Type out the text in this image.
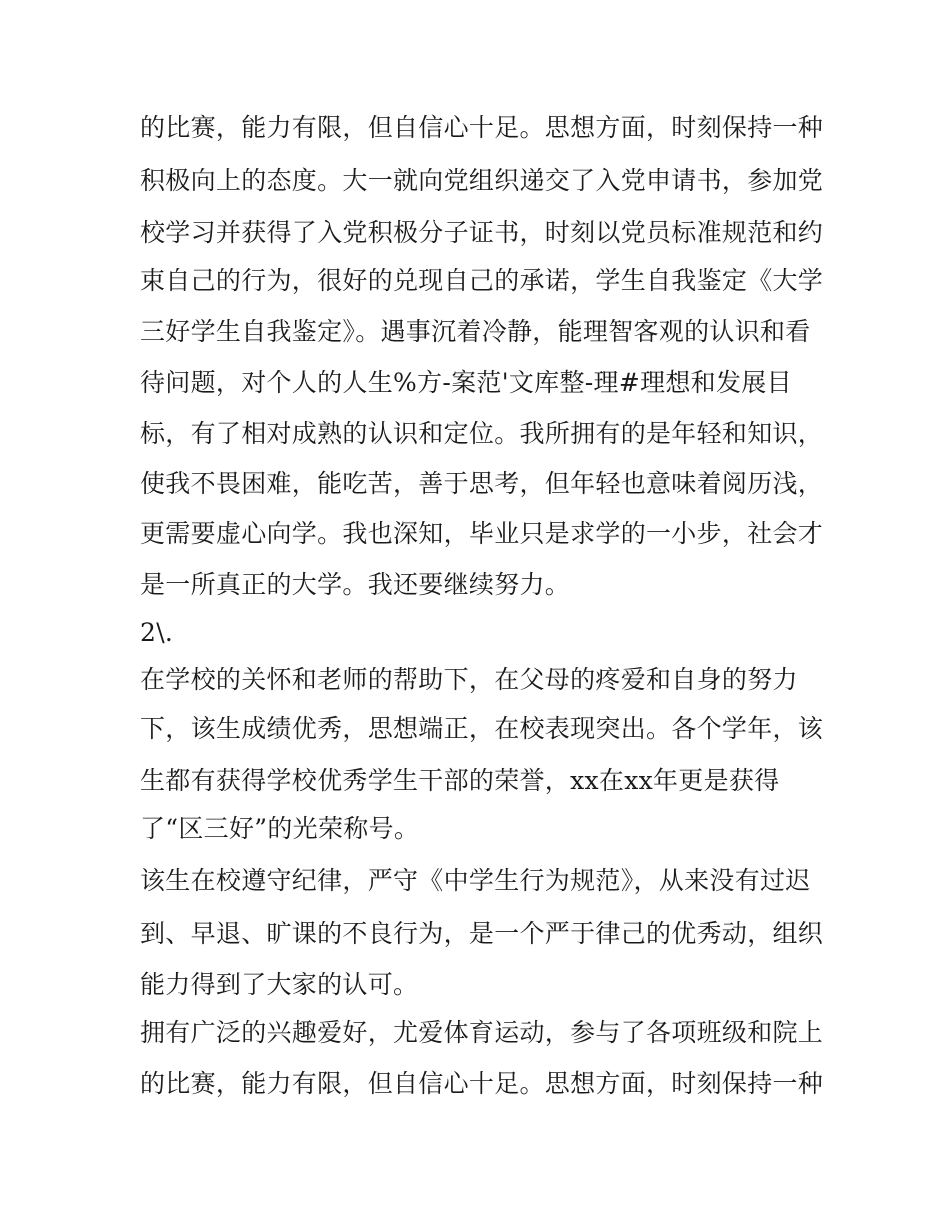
的比赛，能力有限，但自信心十足。思想方面，时刻保持一种
积极向上的态度。大一就向党组织递交了入党申请书，参加党
校学习并获得了入党积极分子证书，时刻以党员标准规范和约
束自己的行为，很好的兑现自己的承诺，学生自我鉴定《大学
三好学生自我鉴定》。遇事沉着冷静，能理智客观的认识和看
待问题，对个人的人生%方-案范'文库整-理#理想和发展目
标，有了相对成熟的认识和定位。我所拥有的是年轻和知识，
使我不畏困难，能吃苦，善于思考，但年轻也意味着阅历浅，
更需要虚心向学。我也深知，毕业只是求学的一小步，社会才
是一所真正的大学。我还要继续努力。
2\.
在学校的关怀和老师的帮助下，在父母的疼爱和自身的努力
下，该生成绩优秀，思想端正，在校表现突出。各个学年，该
生都有获得学校优秀学生干部的荣誉，xx在xx年更是获得
了“区三好”的光荣称号。
该生在校遵守纪律，严守《中学生行为规范》，从来没有过迟
到、早退、旷课的不良行为，是一个严于律己的优秀动，组织
能力得到了大家的认可。
拥有广泛的兴趣爱好，尤爱体育运动，参与了各项班级和院上
的比赛，能力有限，但自信心十足。思想方面，时刻保持一种
